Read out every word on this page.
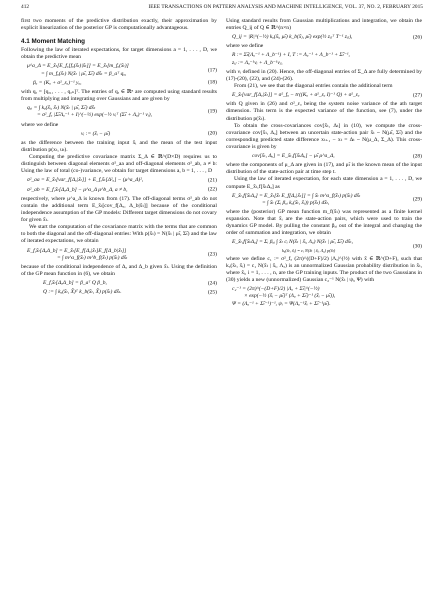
412	IEEE TRANSACTIONS ON PATTERN ANALYSIS AND MACHINE INTELLIGENCE, VOL. 37, NO. 2, FEBRUARY 2015

first two moments of the predictive distribution exactly, their approximation by explicit linearization of the posterior GP is computationally advantageous.

4.1 Moment Matching

Following the law of iterated expectations, for target dimensions a = 1, . . . , D, we obtain the predictive mean

μ^a_Δ = E_x̃ₜ[E_fₐ[fₐ(x̃ₜ)|x̃ₜ]] = E_x̃ₜ[m_fₐ(x̃ₜ)]
= ∫ m_fₐ(x̃ₜ) N(x̃ₜ | μ̃ₜ, Σ̃ₜ) dx̃ₜ = β_aᵀ qₐ,
(17)
βₐ = (Kₐ + σ²_εₐ)⁻¹ yₐ,	(18)

with qₐ = [qₐ₁, . . . , qₐₙ]ᵀ. The entries of qₐ ∈ ℝⁿ are computed using standard results from multiplying and integrating over Gaussians and are given by

qₐᵢ = ∫ kₐ(x̃ᵢ, x̃ₜ) N(x̃ₜ | μ̃ₜ, Σ̃ₜ) dx̃ₜ
= σ²_fₐ |Σ̃ₜΛₐ⁻¹ + I|^(−½) exp(−½ νᵢᵀ (Σ̃ₜ + Λₐ)⁻¹ νᵢ),
(19)

where we define

νᵢ := (x̃ᵢ − μ̃ₜ)	(20)

as the difference between the training input x̃ᵢ and the mean of the test input distribution p(xₜ, uₜ).

Computing the predictive covariance matrix Σ_Δ ∈ ℝ^(D×D) requires us to distinguish between diagonal elements σ²_aa and off-diagonal elements σ²_ab, a ≠ b: Using the law of total (co-)variance, we obtain for target dimensions a, b = 1, . . . , D

σ²_aa = E_x̃ₜ[var_f[Δₐ|x̃ₜ]] + E_f,x̃ₜ[Δ²ₐ] − (μ^a_Δ)²,	(21)
σ²_ab = E_f,x̃ₜ[ΔₐΔ_b] − μ^a_Δ μ^b_Δ, a ≠ b,	(22)

respectively, where μ^a_Δ is known from (17). The off-diagonal terms σ²_ab do not contain the additional term E_x̃ₜ[cov_f[Δₐ, Δ_b|x̃ₜ]] because of the conditional independence assumption of the GP models: Different target dimensions do not covary for given x̃ₜ.

We start the computation of the covariance matrix with the terms that are common to both the diagonal and the off-diagonal entries: With p(x̃ₜ) = N(x̃ₜ | μ̃ₜ, Σ̃ₜ) and the law of iterated expectations, we obtain

E_f,x̃ₜ[ΔₐΔ_b] = E_x̃ₜ[E_f[Δₐ|x̃ₜ]E_f[Δ_b|x̃ₜ]]
= ∫ m^a_f(x̃ₜ) m^b_f(x̃ₜ) p(x̃ₜ) dx̃ₜ
(23)

because of the conditional independence of Δₐ and Δ_b given x̃ₜ. Using the definition of the GP mean function in (6), we obtain

E_f,x̃ₜ[ΔₐΔ_b] = β_aᵀ Q β_b,	(24)
Q := ∫ kₐ(x̃ₜ, X̃)ᵀ k_b(x̃ₜ, X̃) p(x̃ₜ) dx̃ₜ.	(25)

Using standard results from Gaussian multiplications and integration, we obtain the entries Q_ij of Q ∈ ℝ^(n×n)

Q_ij = |R|^(−½) kₐ(x̃ᵢ, μ̃ₜ) k_b(x̃ⱼ, μ̃ₜ) exp(½ zᵢⱼᵀ T⁻¹ zᵢⱼ),	(26)

where we define

R := Σ̃ₜ(Λₐ⁻¹ + Λ_b⁻¹) + I, T := Λₐ⁻¹ + Λ_b⁻¹ + Σ̃ₜ⁻¹,
zᵢⱼ := Λₐ⁻¹νᵢ + Λ_b⁻¹νⱼ,

with νᵢ defined in (20). Hence, the off-diagonal entries of Σ_Δ are fully determined by (17)-(20), (22), and (24)-(26).

From (21), we see that the diagonal entries contain the additional term

E_x̃ₜ[var_f[Δₐ|x̃ₜ]] = σ²_fₐ − tr((Kₐ + σ²_εₐ I)⁻¹ Q) + σ²_εₐ	(27)

with Q given in (26) and σ²_εₐ being the system noise variance of the ath target dimension. This term is the expected variance of the function, see (7), under the distribution p(x̃ₜ).

To obtain the cross-covariances cov[x̃ₜ, Δₜ] in (10), we compute the cross-covariance cov[x̃ₜ, Δₐ] between an uncertain state-action pair x̃ₜ ~ N(μ̃ₜ, Σ̃ₜ) and the corresponding predicted state difference xₜ₊₁ − xₜ = Δₜ ~ N(μ_Δ, Σ_Δ). This cross-covariance is given by

cov[x̃ₜ, Δₐ] = E_x̃ₜ,f[x̃ₜΔₐ] − μ̃ₜ μ^a_Δ,	(28)

where the components of μ_Δ are given in (17), and μ̃ₜ is the known mean of the input distribution of the state-action pair at time step t.

Using the law of iterated expectation, for each state dimension a = 1, . . . , D, we compute E_x̃ₜ,f[x̃ₜΔₐ] as

E_x̃ₜ,f[x̃ₜΔₐ] = E_x̃ₜ[x̃ₜ E_f[Δₐ|x̃ₜ]] = ∫ x̃ₜ m^a_f(x̃ₜ) p(x̃ₜ) dx̃ₜ
= ∫ x̃ₜ (Σᵢ βₐᵢ kₐ(x̃ₜ, x̃ᵢ)) p(x̃ₜ) dx̃ₜ,
(29)

where the (posterior) GP mean function m_f(x̃ₜ) was represented as a finite kernel expansion. Note that x̃ᵢ are the state-action pairs, which were used to train the dynamics GP model. By pulling the constant βₐᵢ out of the integral and changing the order of summation and integration, we obtain

E_x̃ₜ,f[x̃ₜΔₐ] = Σᵢ βₐᵢ ∫ x̃ₜ cᵢ N(x̃ₜ | x̃ᵢ, Λₐ) N(x̃ₜ | μ̃ₜ, Σ̃ₜ) dx̃ₜ,
kₐ(x̃ₜ, x̃ᵢ) = cᵢ N(x̃ₜ | x̃ᵢ, Λₐ) p(x̃ₜ)
(30)

where we define c₁ := σ²_fₐ (2π)^((D+F)/2) |Λₐ|^(½) with x̃ ∈ ℝ^(D+F), such that kₐ(x̃ₜ, x̃ᵢ) = c₁ N(x̃ₜ | x̃ᵢ, Λₐ) is an unnormalized Gaussian probability distribution in x̃ₜ, where x̃ᵢ, i = 1, . . . , n, are the GP training inputs. The product of the two Gaussians in (30) yields a new (unnormalized) Gaussian c₂⁻¹ N(x̃ₜ | ψᵢ, Ψ) with

c₂⁻¹ = (2π)^(−(D+F)/2) |Λₐ + Σ̃ₜ|^(−½)
× exp(−½ (x̃ᵢ − μ̃ₜ)ᵀ (Λₐ + Σ̃ₜ)⁻¹ (x̃ᵢ − μ̃ₜ)),
Ψ = (Λₐ⁻¹ + Σ̃ₜ⁻¹)⁻¹, ψᵢ = Ψ(Λₐ⁻¹x̃ᵢ + Σ̃ₜ⁻¹μ̃ₜ).
